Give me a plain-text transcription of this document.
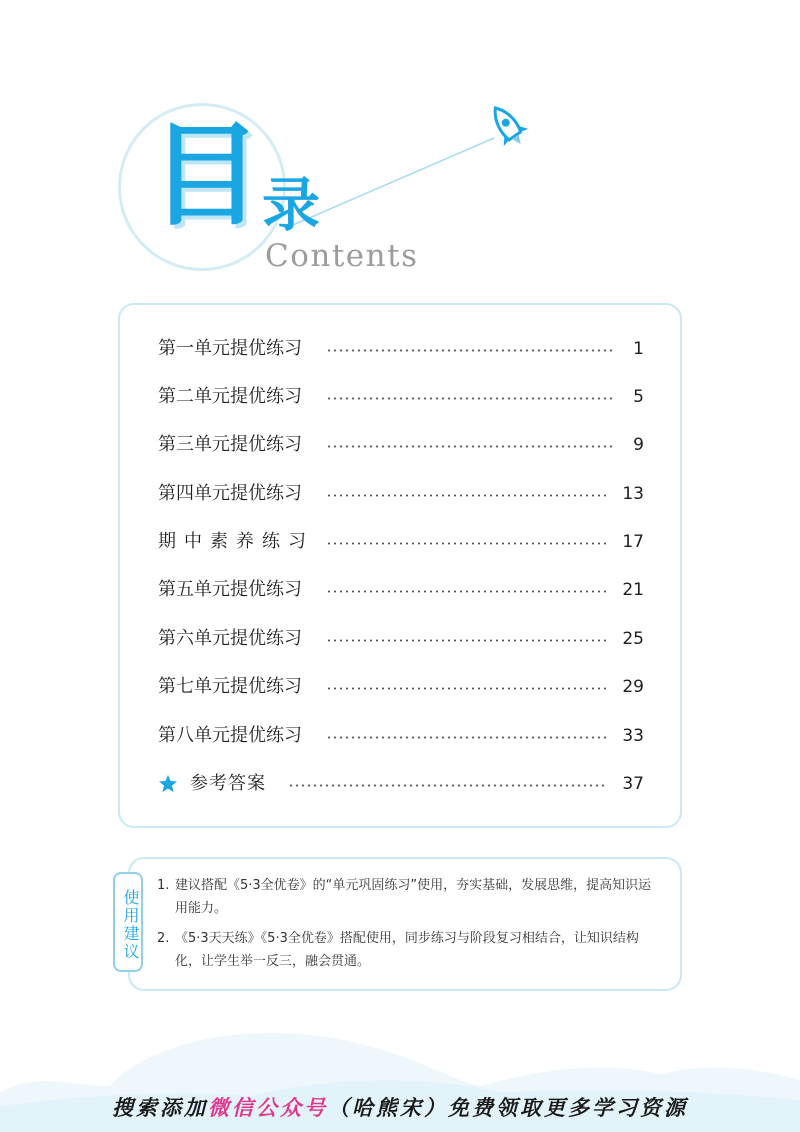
目 录
Contents
第一单元提优练习	1
第二单元提优练习	5
第三单元提优练习	9
第四单元提优练习	13
期中素养练习	17
第五单元提优练习	21
第六单元提优练习	25
第七单元提优练习	29
第八单元提优练习	33
参考答案	37
使用建议
1. 建议搭配《5·3全优卷》的“单元巩固练习”使用，夯实基础，发展思维，提高知识运用能力。
2. 《5·3天天练》《5·3全优卷》搭配使用，同步练习与阶段复习相结合，让知识结构化，让学生举一反三，融会贯通。
搜索添加微信公众号（哈熊宋）免费领取更多学习资源
